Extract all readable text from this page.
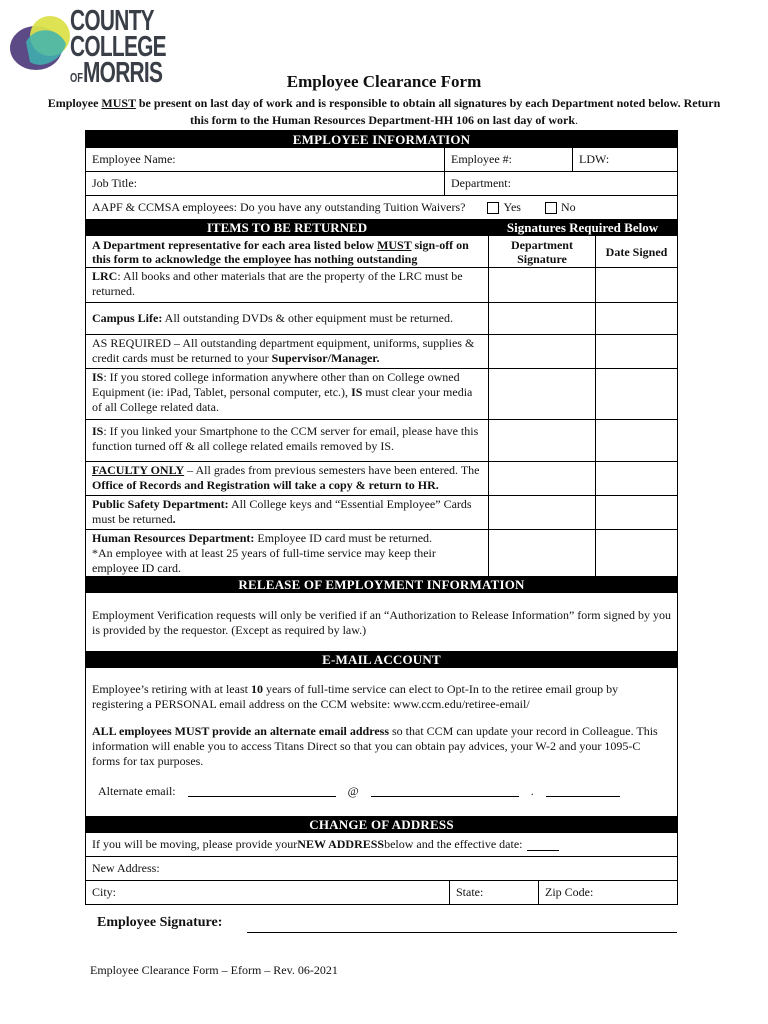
COUNTY
COLLEGE
OFMORRIS	Employee Clearance Form
Employee MUST be present on last day of work and is responsible to obtain all signatures by each Department noted below. Return this form to the Human Resources Department-HH 106 on last day of work.
EMPLOYEE INFORMATION
Employee Name:	Employee #:	LDW:
Job Title:	Department:
AAPF & CCMSA employees: Do you have any outstanding Tuition Waivers?	Yes	No
ITEMS TO BE RETURNED	Signatures Required Below
A Department representative for each area listed below MUST sign-off on this form to acknowledge the employee has nothing outstanding
Department Signature	Date Signed
LRC: All books and other materials that are the property of the LRC must be returned.
Campus Life: All outstanding DVDs & other equipment must be returned.
AS REQUIRED – All outstanding department equipment, uniforms, supplies & credit cards must be returned to your Supervisor/Manager.
IS: If you stored college information anywhere other than on College owned Equipment (ie: iPad, Tablet, personal computer, etc.), IS must clear your media of all College related data.
IS: If you linked your Smartphone to the CCM server for email, please have this function turned off & all college related emails removed by IS.
FACULTY ONLY – All grades from previous semesters have been entered. The Office of Records and Registration will take a copy & return to HR.
Public Safety Department: All College keys and “Essential Employee” Cards must be returned.
Human Resources Department: Employee ID card must be returned.
*An employee with at least 25 years of full-time service may keep their employee ID card.
RELEASE OF EMPLOYMENT INFORMATION
Employment Verification requests will only be verified if an “Authorization to Release Information” form signed by you is provided by the requestor. (Except as required by law.)
E-MAIL ACCOUNT
Employee’s retiring with at least 10 years of full-time service can elect to Opt-In to the retiree email group by registering a PERSONAL email address on the CCM website: www.ccm.edu/retiree-email/
ALL employees MUST provide an alternate email address so that CCM can update your record in Colleague. This information will enable you to access Titans Direct so that you can obtain pay advices, your W-2 and your 1095-C forms for tax purposes.
Alternate email:	@	.
CHANGE OF ADDRESS
If you will be moving, please provide your NEW ADDRESS below and the effective date:
New Address:
City:	State:	Zip Code:
Employee Signature:
Employee Clearance Form – Eform – Rev. 06-2021
